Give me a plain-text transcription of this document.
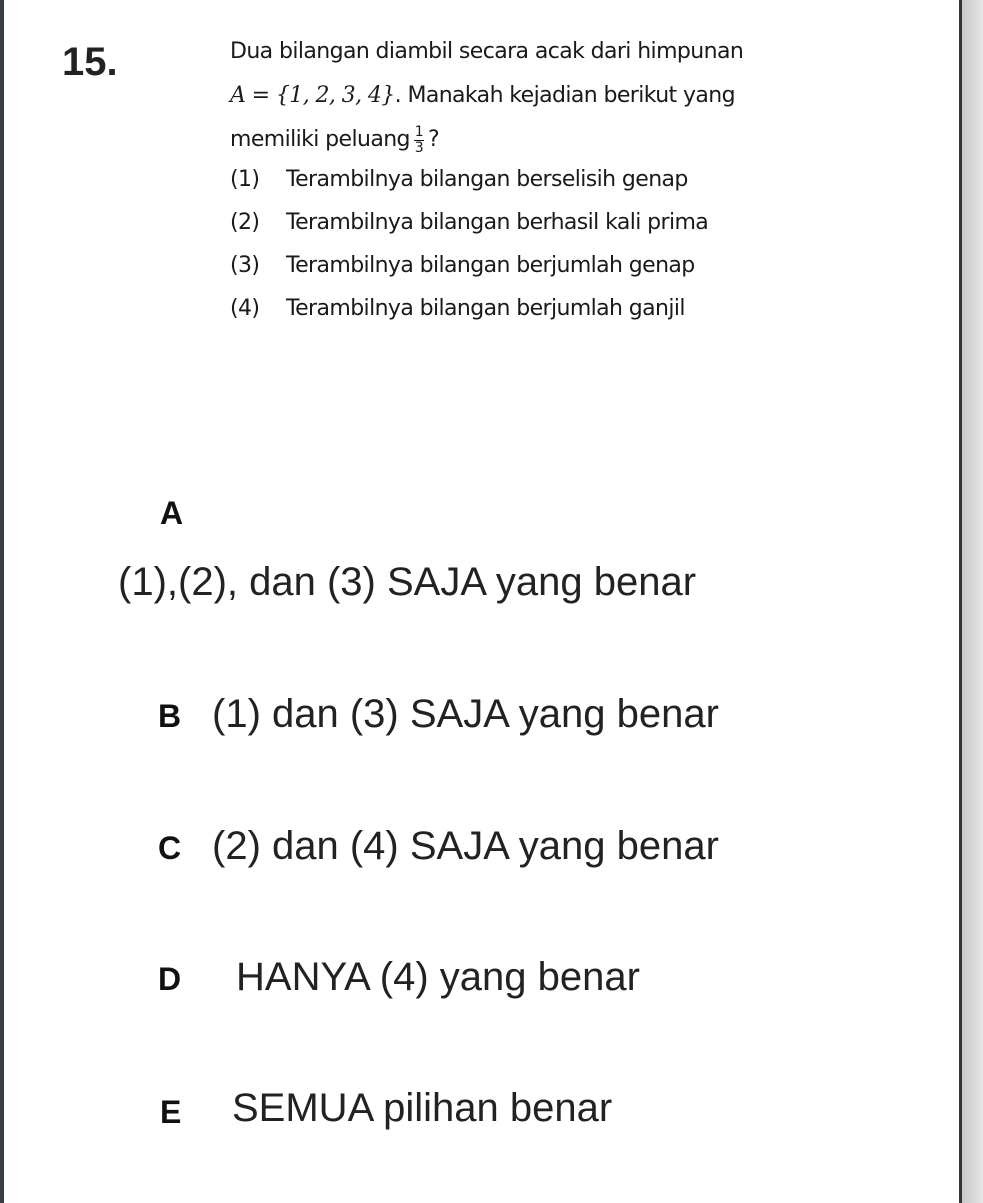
15.	Dua bilangan diambil secara acak dari himpunan
A = {1, 2, 3, 4}. Manakah kejadian berikut yang
memiliki peluang $\frac{1}{3}$ ?
(1) Terambilnya bilangan berselisih genap
(2) Terambilnya bilangan berhasil kali prima
(3) Terambilnya bilangan berjumlah genap
(4) Terambilnya bilangan berjumlah ganjil
A
(1),(2), dan (3) SAJA yang benar
B (1) dan (3) SAJA yang benar
C (2) dan (4) SAJA yang benar
D HANYA (4) yang benar
E SEMUA pilihan benar
